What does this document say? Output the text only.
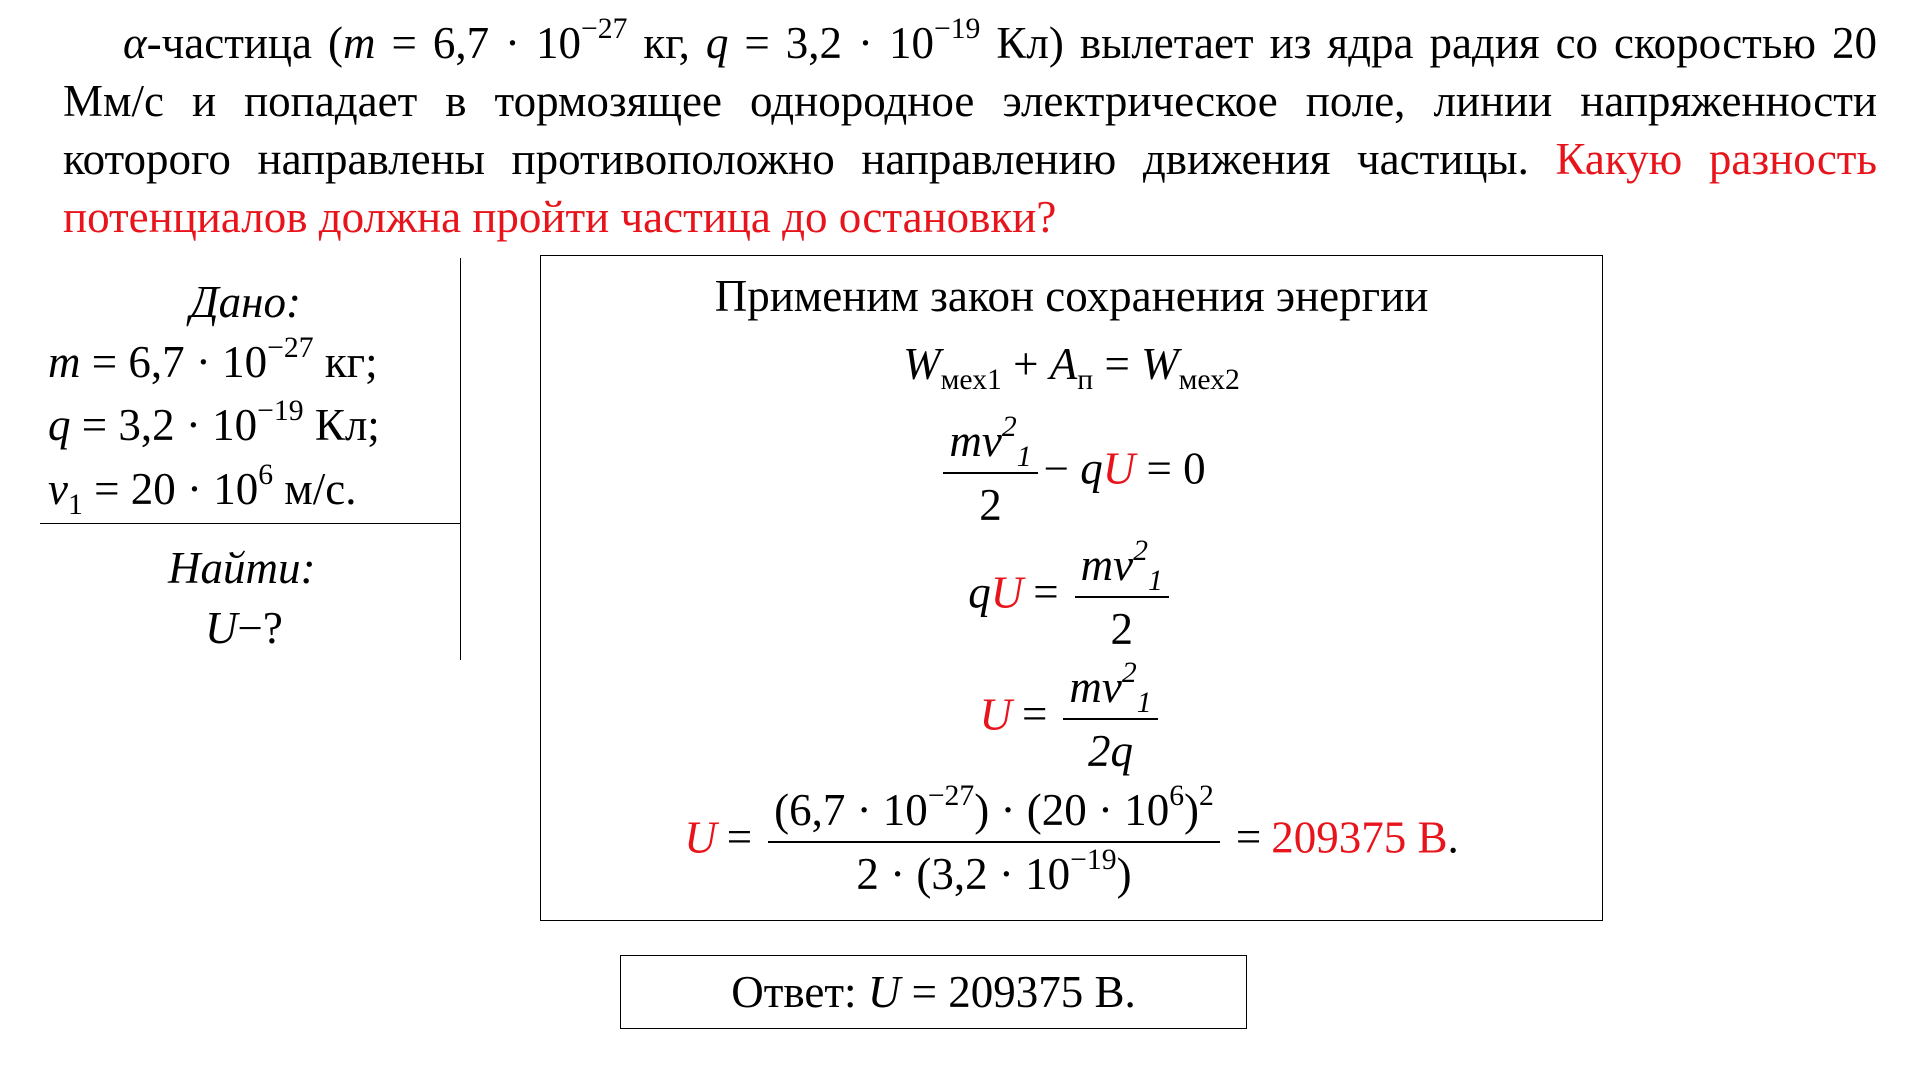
α-частица ($m = 6,7 \cdot 10^{-27}$ кг, $q = 3,2 \cdot 10^{-19}$ Кл) вылетает из ядра радия со скоростью 20 Мм/с и попадает в тормозящее однородное электрическое поле, линии напряженности которого направлены противоположно направлению движения частицы. Какую разность потенциалов должна пройти частица до остановки?
Дано:
$m = 6,7 \cdot 10^{-27}$ кг;
$q = 3,2 \cdot 10^{-19}$ Кл;
$v_1 = 20 \cdot 10^6$ м/с.
Найти:
U−?
Применим закон сохранения энергии
$W_{мех1} + A_п = W_{мех2}$
$\frac{mv^2_1}{2}$ − qU = 0
qU = $\frac{mv^2_1}{2}$
$U = \frac{mv^2_1}{2q}$
$U = \frac{(6,7 \cdot 10^{-27}) \cdot (20 \cdot 10^6)^2}{2 \cdot (3,2 \cdot 10^{-19})} = 209375$ В.
Ответ: U = 209375 В.
